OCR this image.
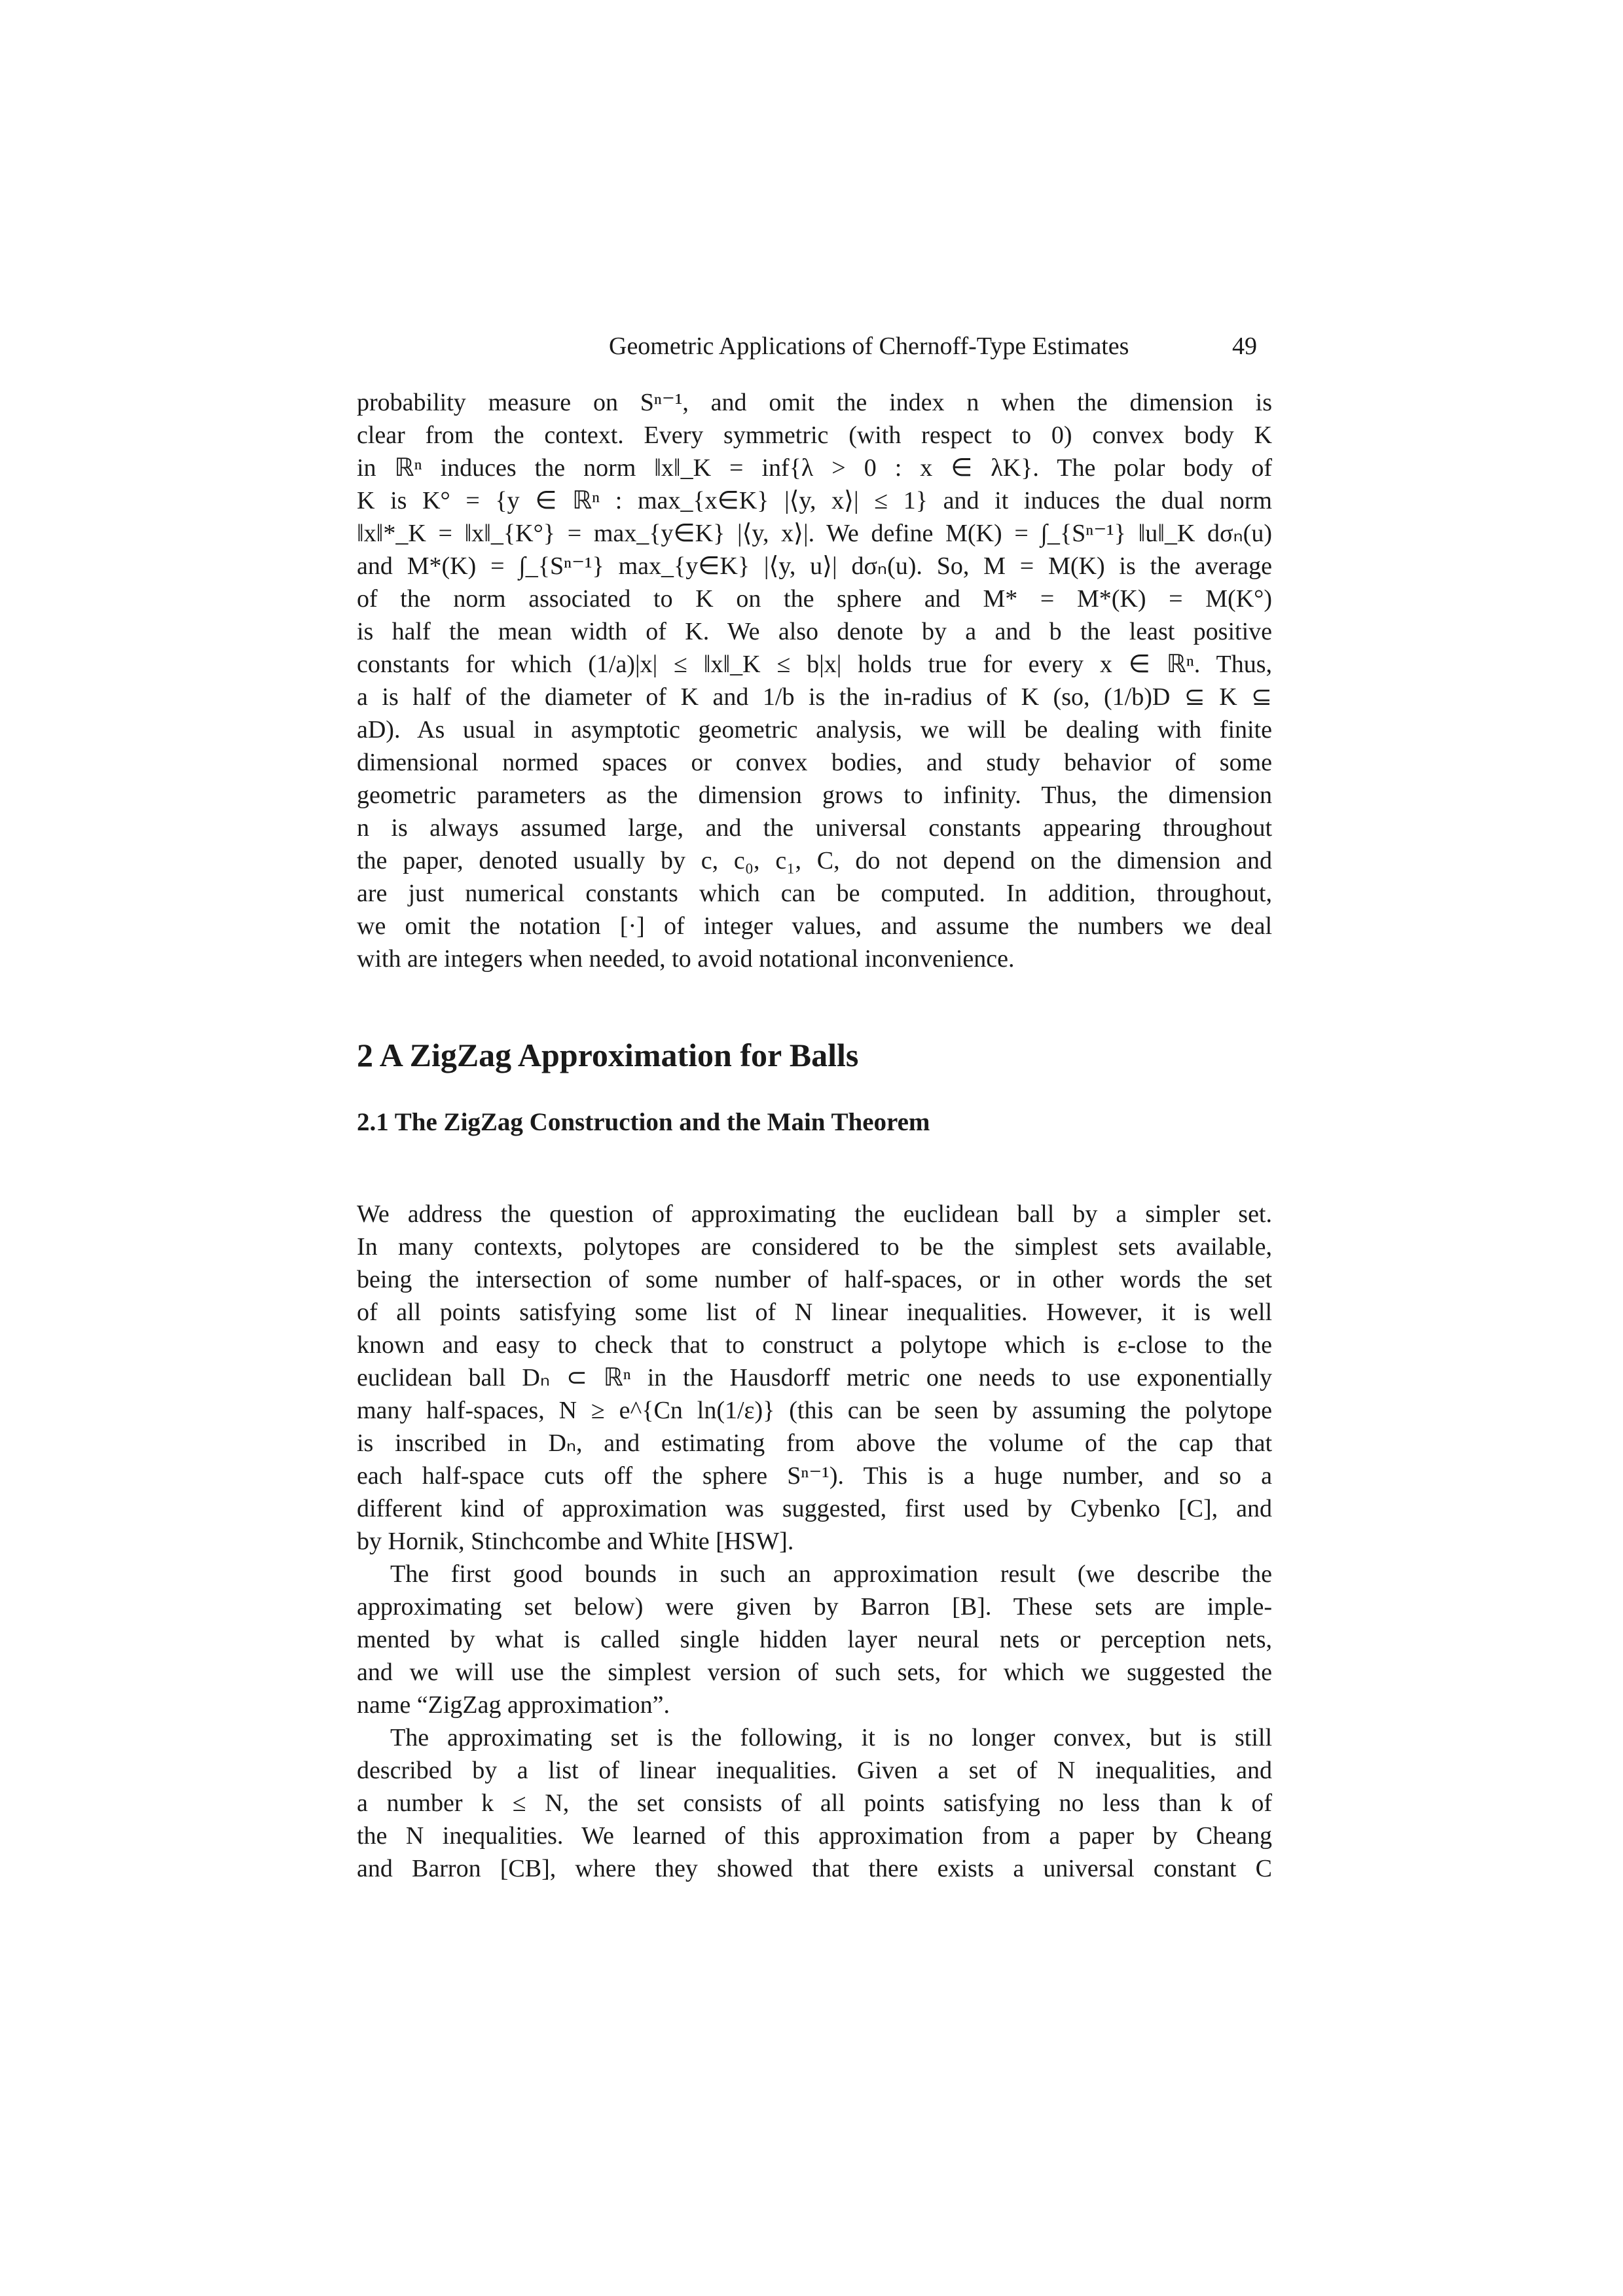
Geometric Applications of Chernoff-Type Estimates	49
probability measure on Sⁿ⁻¹, and omit the index n when the dimension is
clear from the context. Every symmetric (with respect to 0) convex body K
in ℝⁿ induces the norm ‖x‖_K = inf{λ > 0 : x ∈ λK}. The polar body of
K is K° = {y ∈ ℝⁿ : max_{x∈K} |⟨y, x⟩| ≤ 1} and it induces the dual norm
‖x‖*_K = ‖x‖_{K°} = max_{y∈K} |⟨y, x⟩|. We define M(K) = ∫_{Sⁿ⁻¹} ‖u‖_K dσₙ(u)
and M*(K) = ∫_{Sⁿ⁻¹} max_{y∈K} |⟨y, u⟩| dσₙ(u). So, M = M(K) is the average
of the norm associated to K on the sphere and M* = M*(K) = M(K°)
is half the mean width of K. We also denote by a and b the least positive
constants for which (1/a)|x| ≤ ‖x‖_K ≤ b|x| holds true for every x ∈ ℝⁿ. Thus,
a is half of the diameter of K and 1/b is the in-radius of K (so, (1/b)D ⊆ K ⊆
aD). As usual in asymptotic geometric analysis, we will be dealing with finite
dimensional normed spaces or convex bodies, and study behavior of some
geometric parameters as the dimension grows to infinity. Thus, the dimension
n is always assumed large, and the universal constants appearing throughout
the paper, denoted usually by c, c₀, c₁, C, do not depend on the dimension and
are just numerical constants which can be computed. In addition, throughout,
we omit the notation [·] of integer values, and assume the numbers we deal
with are integers when needed, to avoid notational inconvenience.
2 A ZigZag Approximation for Balls
2.1 The ZigZag Construction and the Main Theorem
We address the question of approximating the euclidean ball by a simpler set.
In many contexts, polytopes are considered to be the simplest sets available,
being the intersection of some number of half-spaces, or in other words the set
of all points satisfying some list of N linear inequalities. However, it is well
known and easy to check that to construct a polytope which is ε-close to the
euclidean ball Dₙ ⊂ ℝⁿ in the Hausdorff metric one needs to use exponentially
many half-spaces, N ≥ e^{Cn ln(1/ε)} (this can be seen by assuming the polytope
is inscribed in Dₙ, and estimating from above the volume of the cap that
each half-space cuts off the sphere Sⁿ⁻¹). This is a huge number, and so a
different kind of approximation was suggested, first used by Cybenko [C], and
by Hornik, Stinchcombe and White [HSW].
The first good bounds in such an approximation result (we describe the
approximating set below) were given by Barron [B]. These sets are imple-
mented by what is called single hidden layer neural nets or perception nets,
and we will use the simplest version of such sets, for which we suggested the
name “ZigZag approximation”.
The approximating set is the following, it is no longer convex, but is still
described by a list of linear inequalities. Given a set of N inequalities, and
a number k ≤ N, the set consists of all points satisfying no less than k of
the N inequalities. We learned of this approximation from a paper by Cheang
and Barron [CB], where they showed that there exists a universal constant C
